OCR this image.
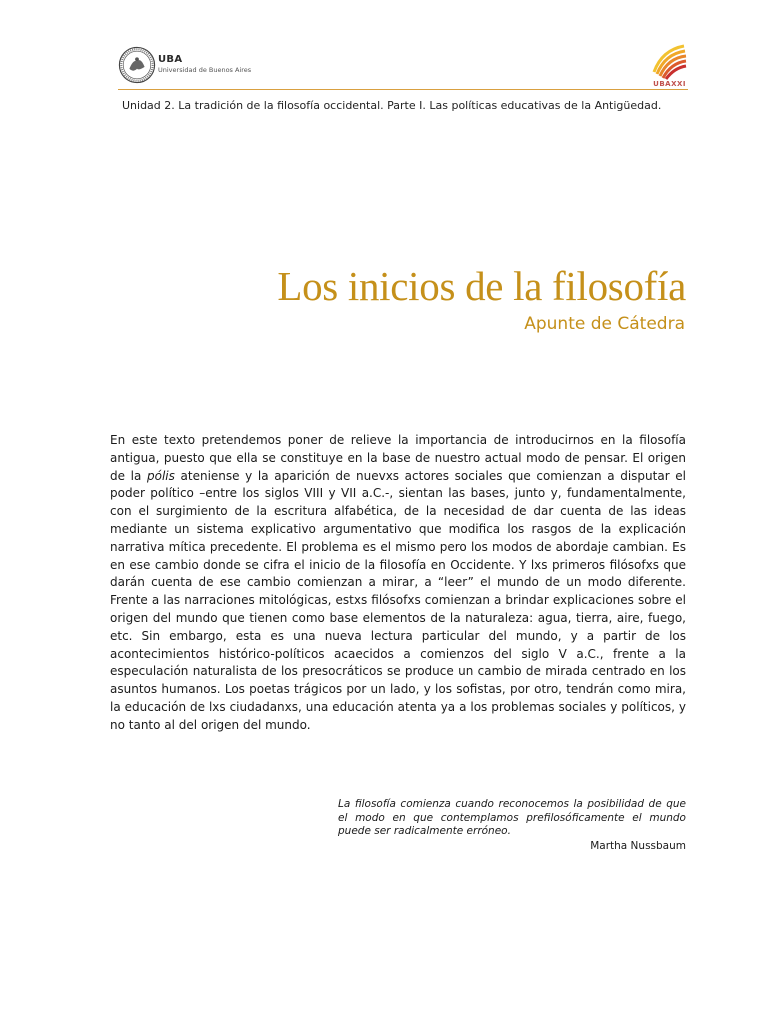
UBA
Universidad de Buenos Aires
UBAXXI
Unidad 2. La tradición de la filosofía occidental. Parte I. Las políticas educativas de la Antigüedad.
Los inicios de la filosofía
Apunte de Cátedra

En este texto pretendemos poner de relieve la importancia de introducirnos en la filosofía antigua, puesto que ella se constituye en la base de nuestro actual modo de pensar. El origen de la pólis ateniense y la aparición de nuevxs actores sociales que comienzan a disputar el poder político –entre los siglos VIII y VII a.C.-, sientan las bases, junto y, fundamentalmente, con el surgimiento de la escritura alfabética, de la necesidad de dar cuenta de las ideas mediante un sistema explicativo argumentativo que modifica los rasgos de la explicación narrativa mítica precedente. El problema es el mismo pero los modos de abordaje cambian. Es en ese cambio donde se cifra el inicio de la filosofía en Occidente. Y lxs primeros filósofxs que darán cuenta de ese cambio comienzan a mirar, a “leer” el mundo de un modo diferente. Frente a las narraciones mitológicas, estxs filósofxs comienzan a brindar explicaciones sobre el origen del mundo que tienen como base elementos de la naturaleza: agua, tierra, aire, fuego, etc. Sin embargo, esta es una nueva lectura particular del mundo, y a partir de los acontecimientos histórico-políticos acaecidos a comienzos del siglo V a.C., frente a la especulación naturalista de los presocráticos se produce un cambio de mirada centrado en los asuntos humanos. Los poetas trágicos por un lado, y los sofistas, por otro, tendrán como mira, la educación de lxs ciudadanxs, una educación atenta ya a los problemas sociales y políticos, y no tanto al del origen del mundo.

La filosofía comienza cuando reconocemos la posibilidad de que el modo en que contemplamos prefilosóficamente el mundo puede ser radicalmente erróneo.

Martha Nussbaum
